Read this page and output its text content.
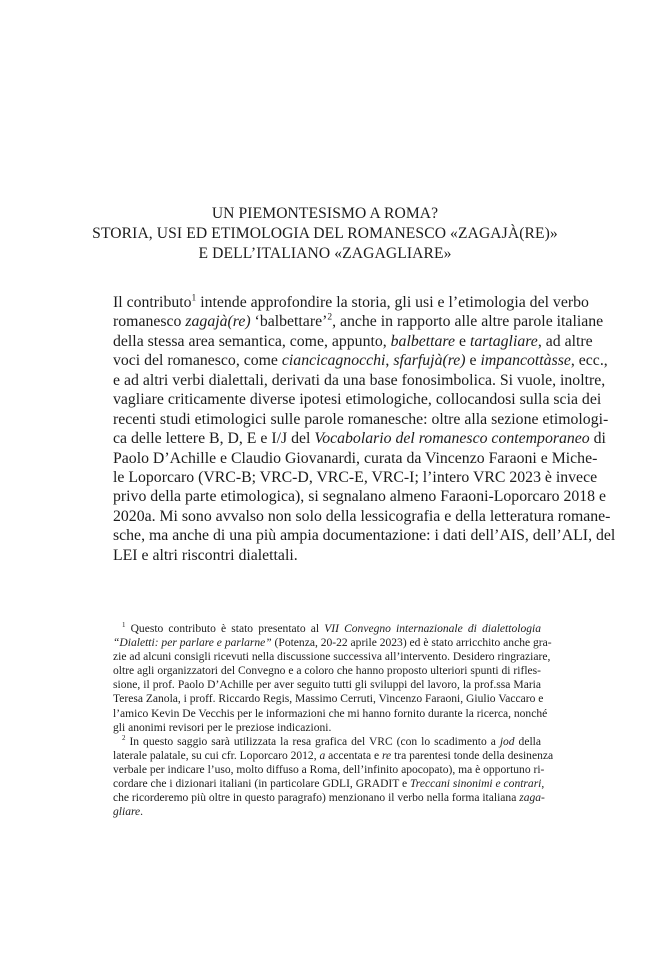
UN PIEMONTESISMO A ROMA?
STORIA, USI ED ETIMOLOGIA DEL ROMANESCO «ZAGAJÀ(RE)»
E DELL’ITALIANO «ZAGAGLIARE»
Il contributo$^1$ intende approfondire la storia, gli usi e l’etimologia del verbo
romanesco zagajà(re) ‘balbettare’$^2$, anche in rapporto alle altre parole italiane
della stessa area semantica, come, appunto, balbettare e tartagliare, ad altre
voci del romanesco, come ciancicagnocchi, sfarfujà(re) e impancottàsse, ecc.,
e ad altri verbi dialettali, derivati da una base fonosimbolica. Si vuole, inoltre,
vagliare criticamente diverse ipotesi etimologiche, collocandosi sulla scia dei
recenti studi etimologici sulle parole romanesche: oltre alla sezione etimologi-
ca delle lettere B, D, E e I/J del Vocabolario del romanesco contemporaneo di
Paolo D’Achille e Claudio Giovanardi, curata da Vincenzo Faraoni e Miche-
le Loporcaro (VRC-B; VRC-D, VRC-E, VRC-I; l’intero VRC 2023 è invece
privo della parte etimologica), si segnalano almeno Faraoni-Loporcaro 2018 e
2020a. Mi sono avvalso non solo della lessicografia e della letteratura romane-
sche, ma anche di una più ampia documentazione: i dati dell’AIS, dell’ALI, del
LEI e altri riscontri dialettali.
$^1$ Questo contributo è stato presentato al VII Convegno internazionale di dialettologia
“Dialetti: per parlare e parlarne” (Potenza, 20-22 aprile 2023) ed è stato arricchito anche gra-
zie ad alcuni consigli ricevuti nella discussione successiva all’intervento. Desidero ringraziare,
oltre agli organizzatori del Convegno e a coloro che hanno proposto ulteriori spunti di rifles-
sione, il prof. Paolo D’Achille per aver seguito tutti gli sviluppi del lavoro, la prof.ssa Maria
Teresa Zanola, i proff. Riccardo Regis, Massimo Cerruti, Vincenzo Faraoni, Giulio Vaccaro e
l’amico Kevin De Vecchis per le informazioni che mi hanno fornito durante la ricerca, nonché
gli anonimi revisori per le preziose indicazioni.
$^2$ In questo saggio sarà utilizzata la resa grafica del VRC (con lo scadimento a jod della
laterale palatale, su cui cfr. Loporcaro 2012, a accentata e re tra parentesi tonde della desinenza
verbale per indicare l’uso, molto diffuso a Roma, dell’infinito apocopato), ma è opportuno ri-
cordare che i dizionari italiani (in particolare GDLI, GRADIT e Treccani sinonimi e contrari,
che ricorderemo più oltre in questo paragrafo) menzionano il verbo nella forma italiana zaga-
gliare.
